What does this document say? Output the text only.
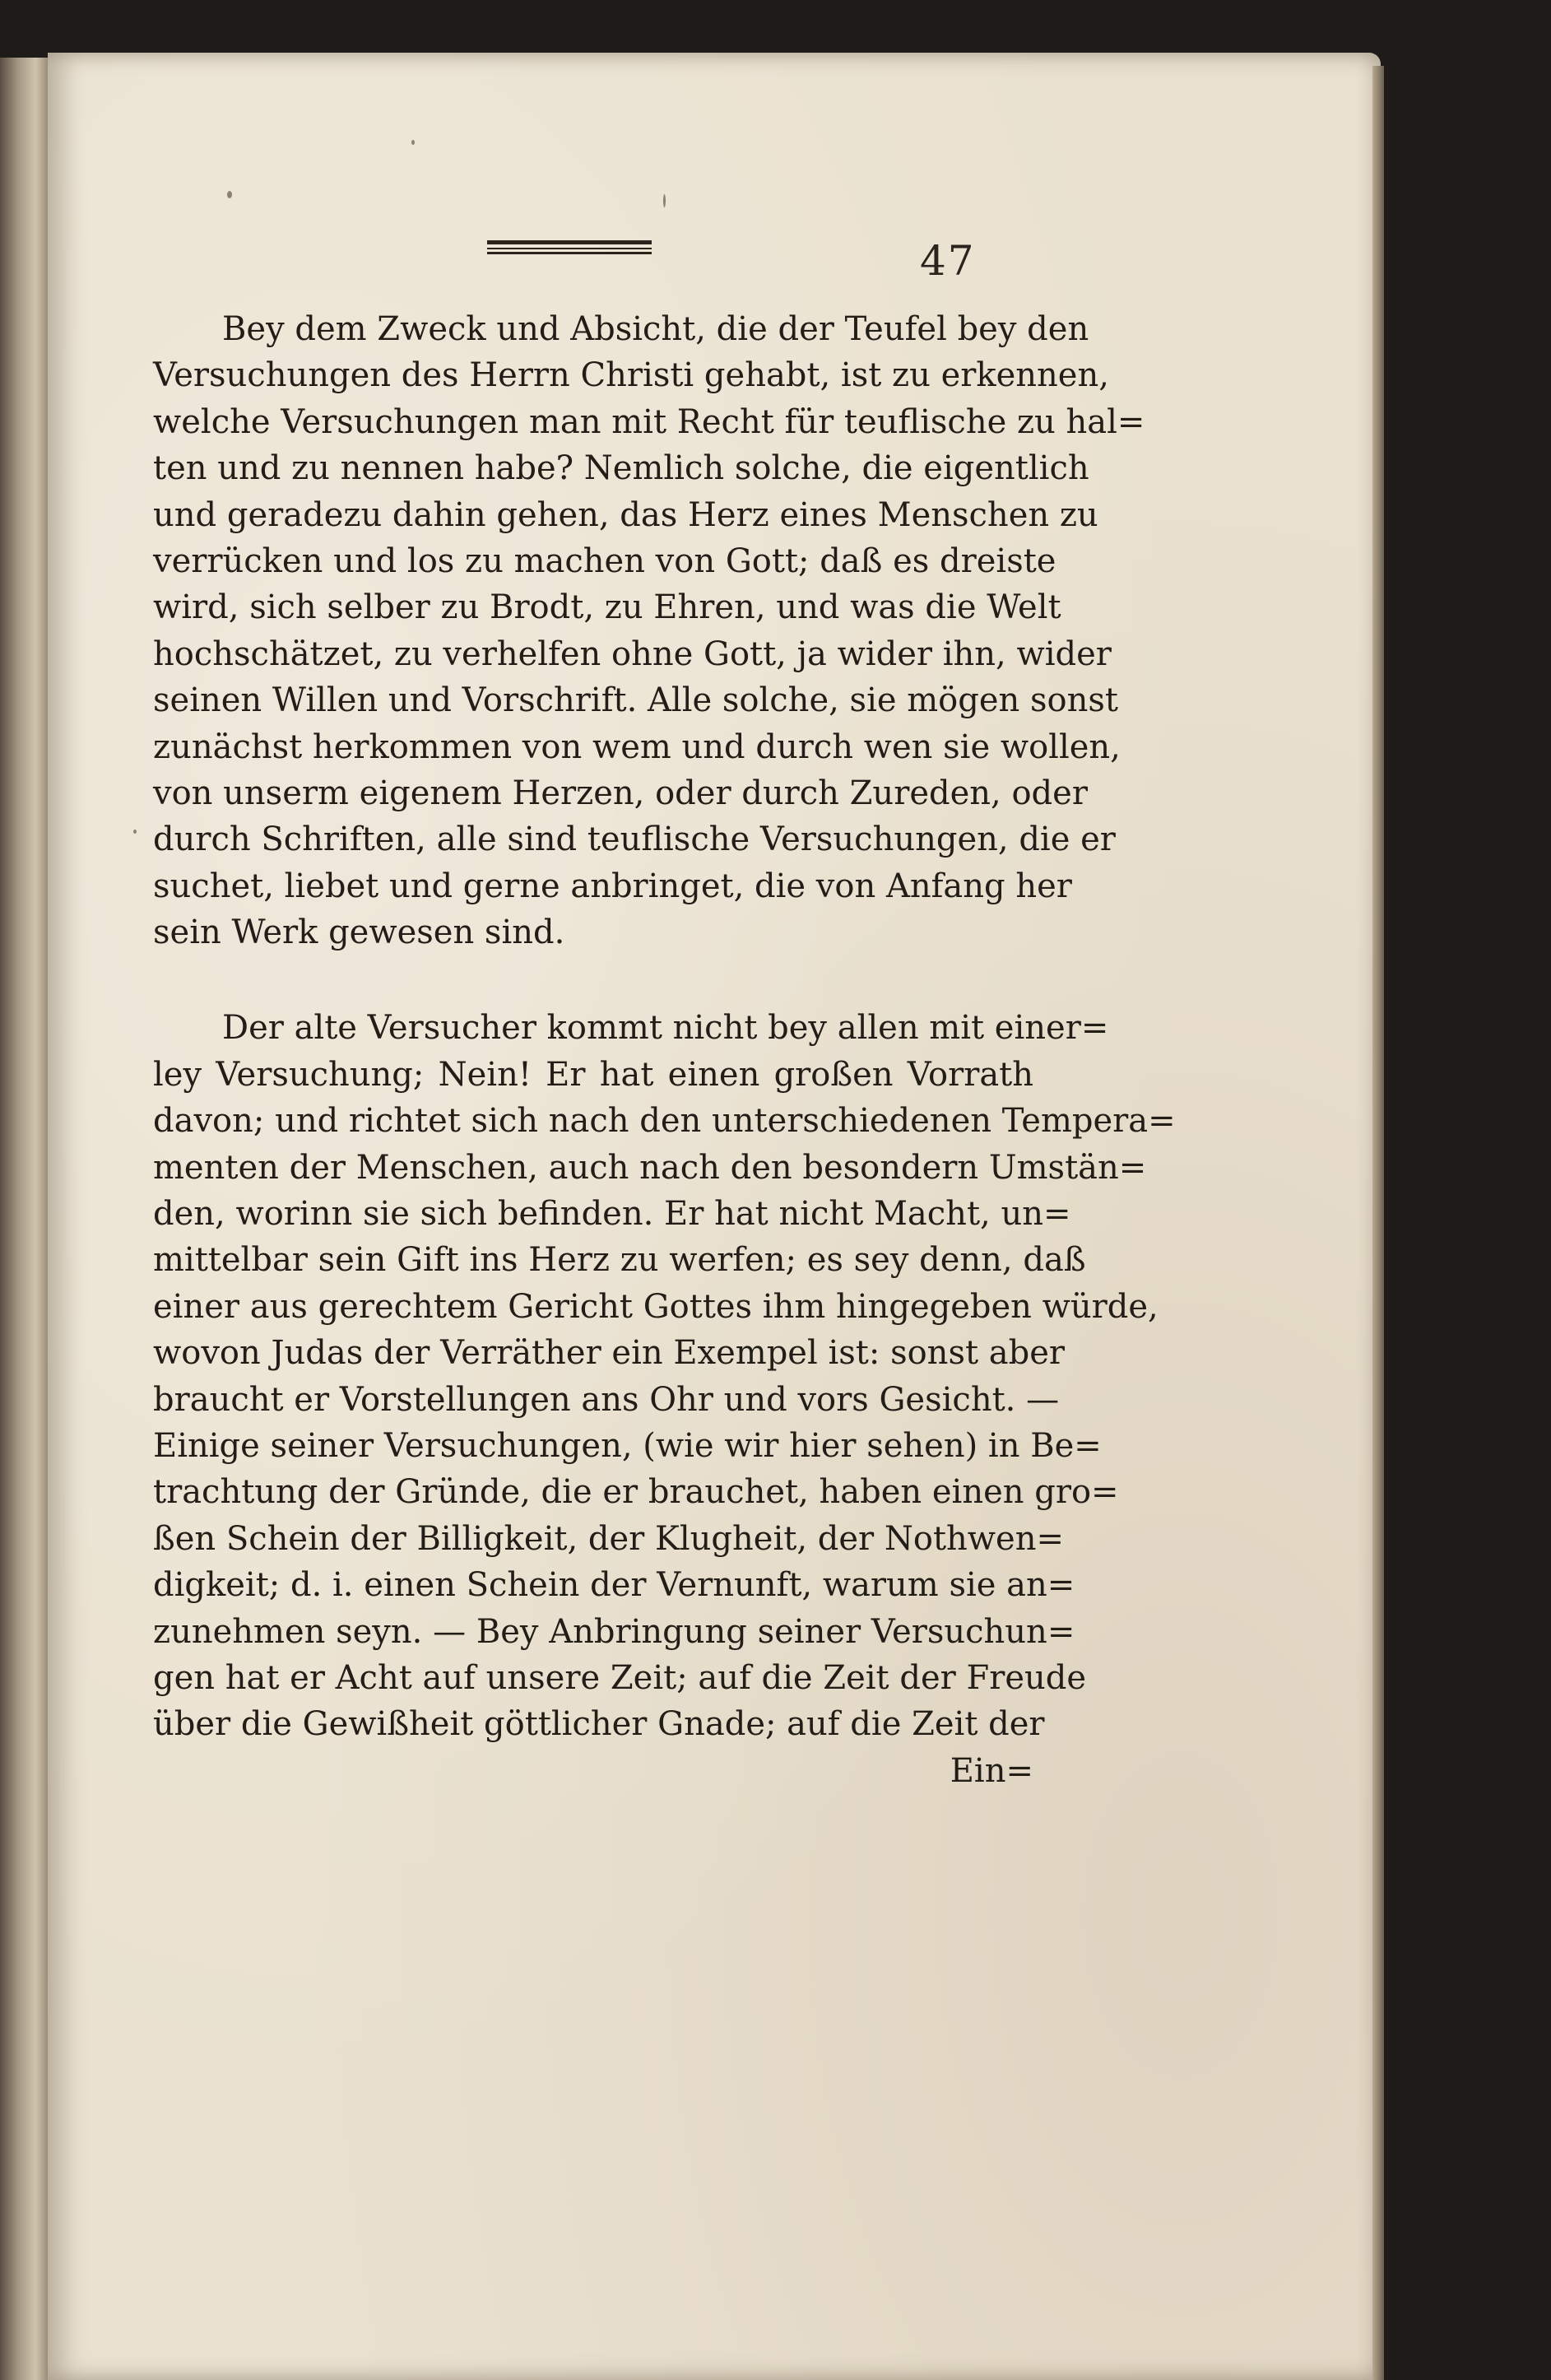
47
Bey dem Zweck und Absicht, die der Teufel bey den
Versuchungen des Herrn Christi gehabt, ist zu erkennen,
welche Versuchungen man mit Recht für teuflische zu hal=
ten und zu nennen habe? Nemlich solche, die eigentlich
und geradezu dahin gehen, das Herz eines Menschen zu
verrücken und los zu machen von Gott; daß es dreiste
wird, sich selber zu Brodt, zu Ehren, und was die Welt
hochschätzet, zu verhelfen ohne Gott, ja wider ihn, wider
seinen Willen und Vorschrift. Alle solche, sie mögen sonst
zunächst herkommen von wem und durch wen sie wollen,
von unserm eigenem Herzen, oder durch Zureden, oder
durch Schriften, alle sind teuflische Versuchungen, die er
suchet, liebet und gerne anbringet, die von Anfang her
sein Werk gewesen sind.
Der alte Versucher kommt nicht bey allen mit einer=
ley Versuchung; Nein! Er hat einen großen Vorrath
davon; und richtet sich nach den unterschiedenen Tempera=
menten der Menschen, auch nach den besondern Umstän=
den, worinn sie sich befinden. Er hat nicht Macht, un=
mittelbar sein Gift ins Herz zu werfen; es sey denn, daß
einer aus gerechtem Gericht Gottes ihm hingegeben würde,
wovon Judas der Verräther ein Exempel ist: sonst aber
braucht er Vorstellungen ans Ohr und vors Gesicht. —
Einige seiner Versuchungen, (wie wir hier sehen) in Be=
trachtung der Gründe, die er brauchet, haben einen gro=
ßen Schein der Billigkeit, der Klugheit, der Nothwen=
digkeit; d. i. einen Schein der Vernunft, warum sie an=
zunehmen seyn. — Bey Anbringung seiner Versuchun=
gen hat er Acht auf unsere Zeit; auf die Zeit der Freude
über die Gewißheit göttlicher Gnade; auf die Zeit der
Ein=
